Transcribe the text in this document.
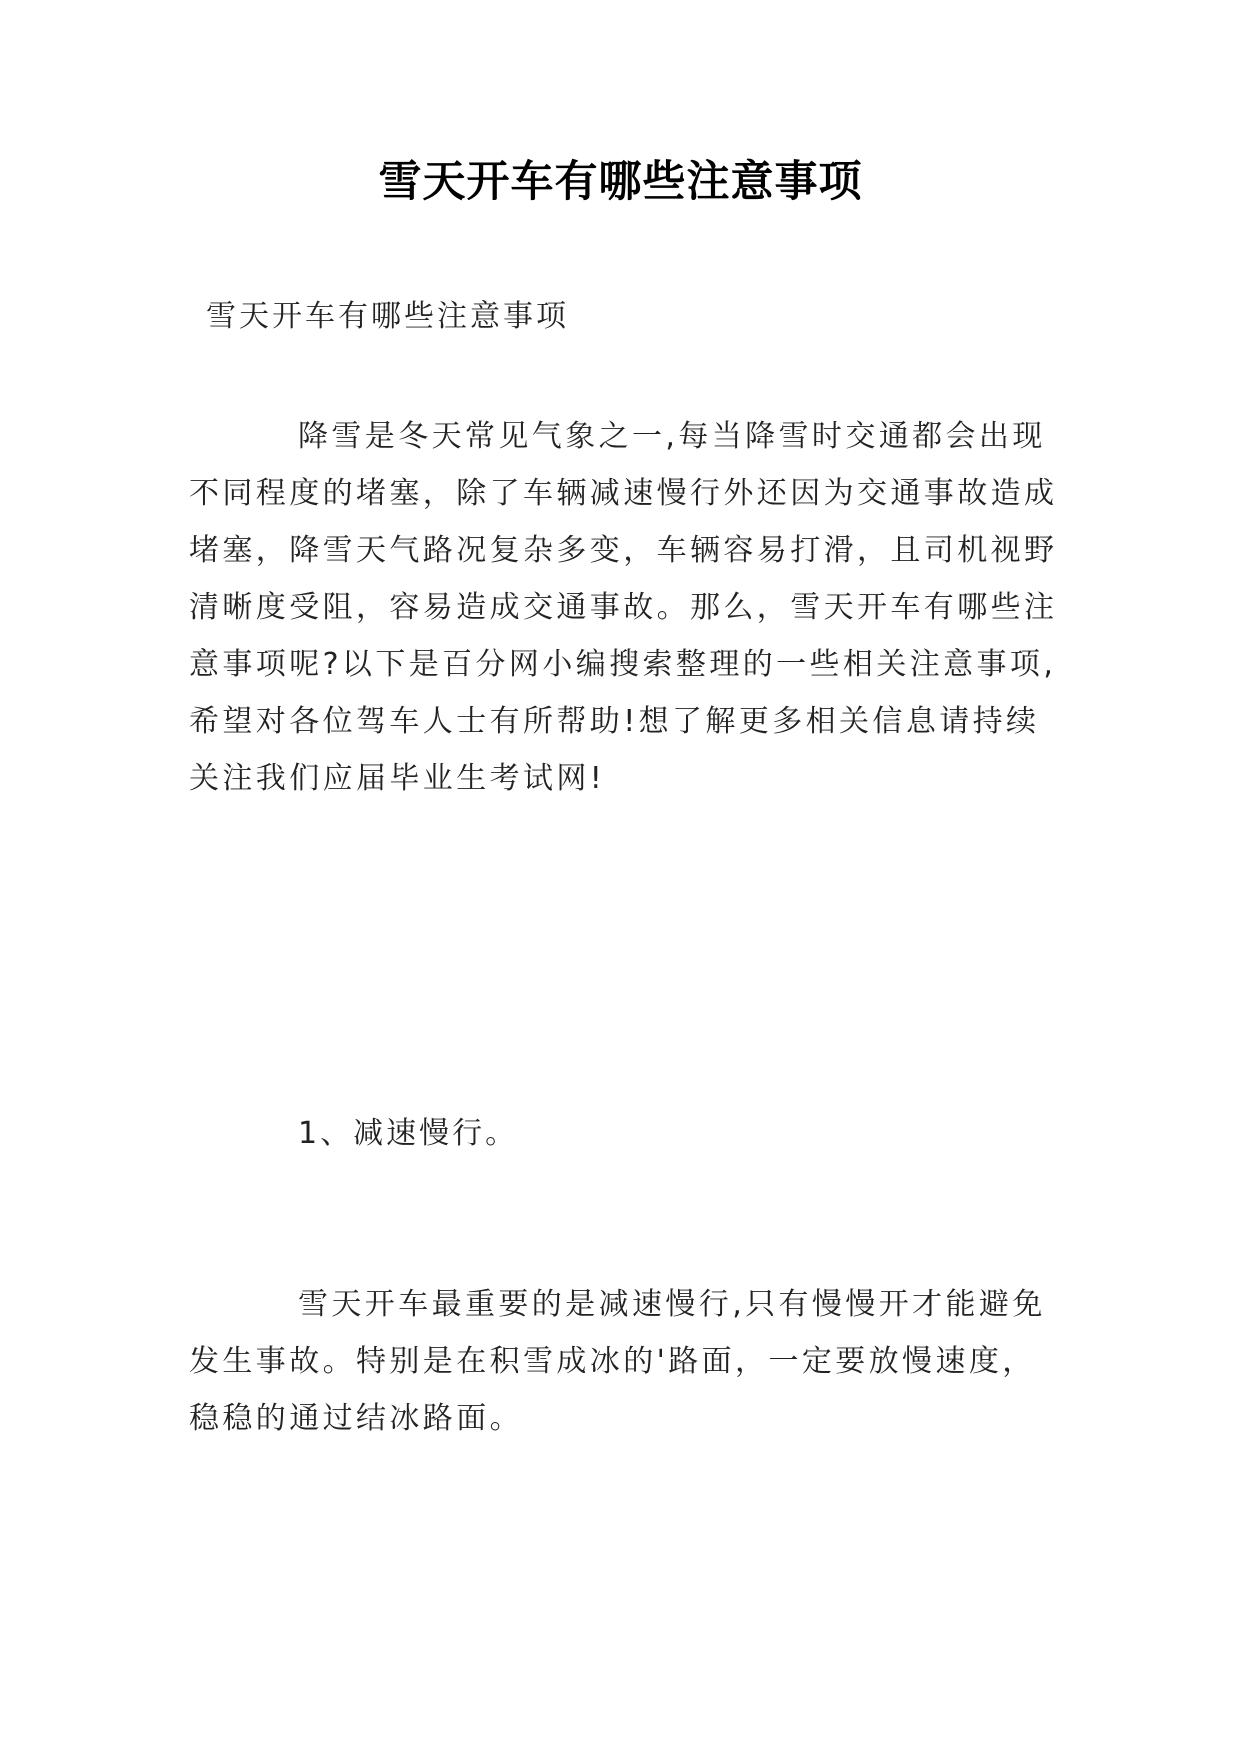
雪天开车有哪些注意事项
雪天开车有哪些注意事项
降雪是冬天常见气象之一,每当降雪时交通都会出现
不同程度的堵塞，除了车辆减速慢行外还因为交通事故造成
堵塞，降雪天气路况复杂多变，车辆容易打滑，且司机视野
清晰度受阻，容易造成交通事故。那么，雪天开车有哪些注
意事项呢?以下是百分网小编搜索整理的一些相关注意事项,
希望对各位驾车人士有所帮助!想了解更多相关信息请持续
关注我们应届毕业生考试网!
1、减速慢行。
雪天开车最重要的是减速慢行,只有慢慢开才能避免
发生事故。特别是在积雪成冰的'路面，一定要放慢速度，
稳稳的通过结冰路面。
